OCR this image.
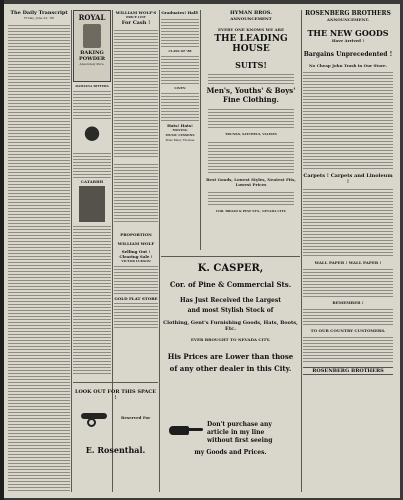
The Daily Transcript
Friday, June 23, '88	ROYAL
BAKING
POWDER
Absolutely Pure.
DAMIANA BITTERS
CATARRH
WILLIAM WOLF'S
PRICE LIST
For Cash !
PROPORTION
WILLIAM WOLF
Selling Out !
Clearing Sale !
VICTOR LUKSON
GOLD FLAT STORE
Graduates! Hall!
CLASS OF '88
LINEN
Hats! Hats!
MOVING
MUSIC LESSONS
Miss Mary Thomas
HYMAN BROS.
ANNOUNCEMENT
EVERY ONE KNOWS WE ARE
THE LEADING HOUSE
SUITS!
Men's, Youths' & Boys' Fine Clothing.
TRUNKS, SATCHELS, VALISES
Best Goods, Lowest Styles, Neatest Fits, Lowest Prices
COR. BROAD & PINE STS., NEVADA CITY.
K. CASPER,
Cor. of Pine & Commercial Sts.
Has Just Received the Largest
and most Stylish Stock of
Clothing, Gent's Furnishing Goods, Hats, Boots, Etc.
EVER BROUGHT TO NEVADA CITY.
His Prices are Lower than those
of any other dealer in this City.
Don't purchase any
article in my line
without first seeing
my Goods and Prices.
LOOK OUT FOR THIS SPACE !
Reserved For
E. Rosenthal.
ROSENBERG BROTHERS
ANNOUNCEMENT.
THE NEW GOODS
Have Arrived !
Bargains Unprecedented !
No Cheap John Trash in Our Store.
Carpets ! Carpets and Linoleum !
WALL PAPER ! WALL PAPER !
REMEMBER !
TO OUR COUNTRY CUSTOMERS.
ROSENBERG BROTHERS
